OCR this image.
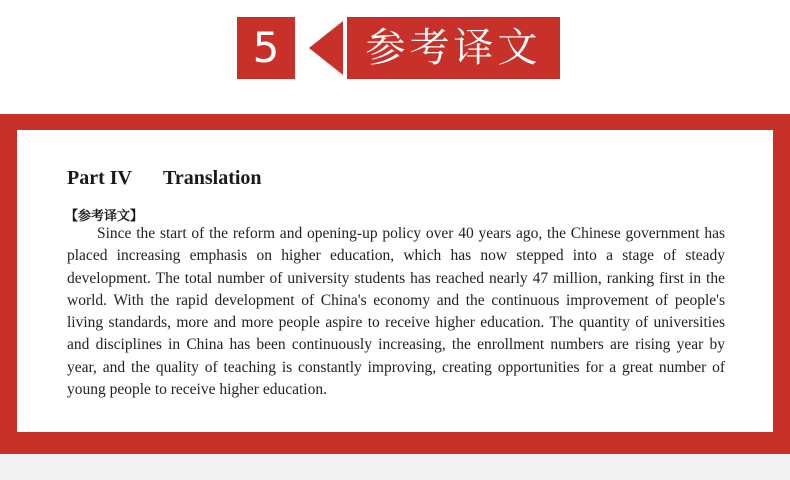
5	参考译文
Part IV Translation
【参考译文】

Since the start of the reform and opening-up policy over 40 years ago, the Chinese government has placed increasing emphasis on higher education, which has now stepped into a stage of steady development. The total number of university students has reached nearly 47 million, ranking first in the world. With the rapid development of China's economy and the continuous improvement of people's living standards, more and more people aspire to receive higher education. The quantity of universities and disciplines in China has been continuously increasing, the enrollment numbers are rising year by year, and the quality of teaching is constantly improving, creating opportunities for a great number of young people to receive higher education.
